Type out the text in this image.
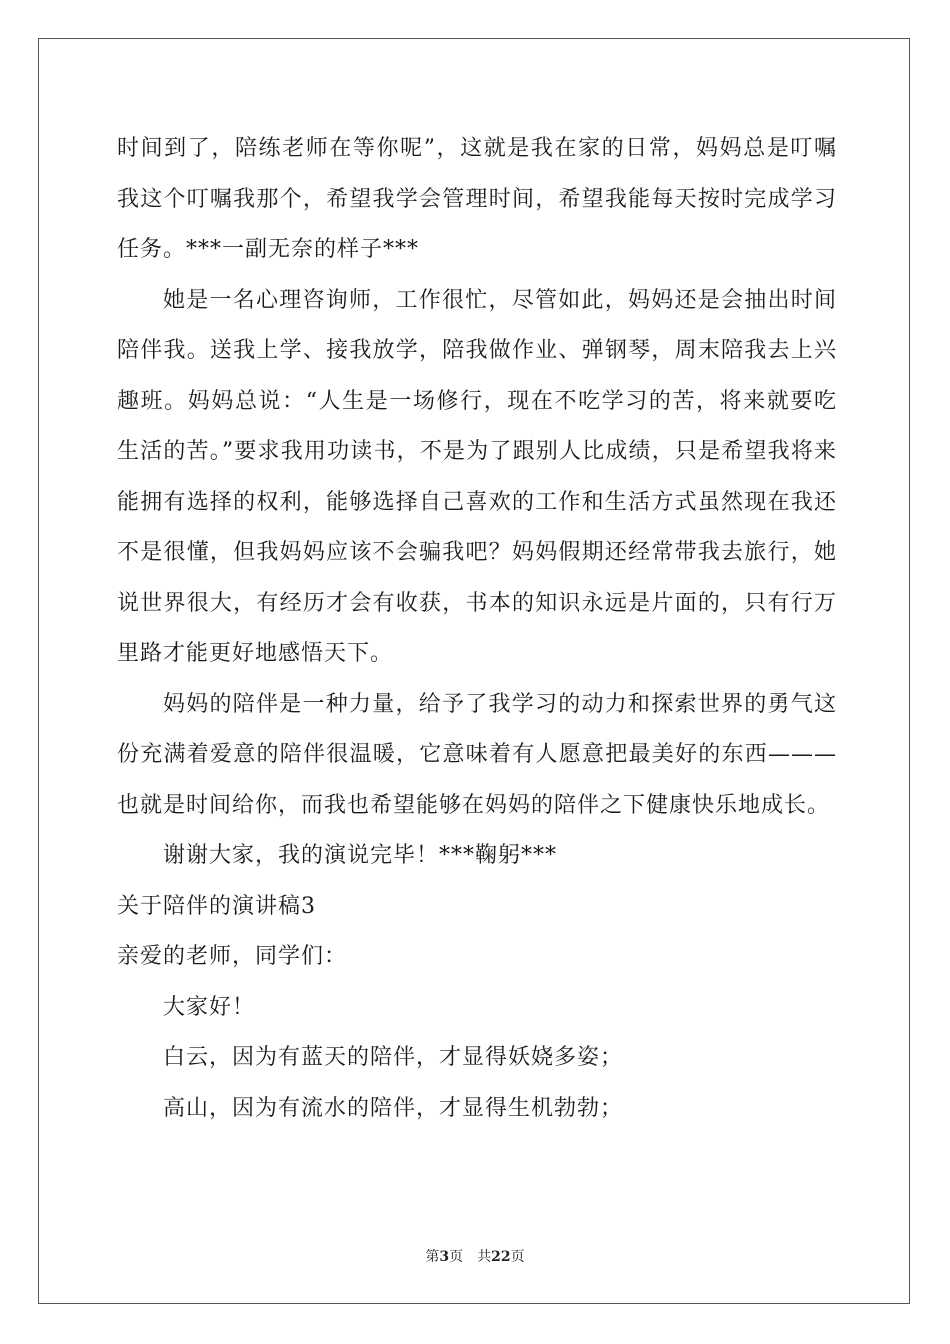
时间到了，陪练老师在等你呢”，这就是我在家的日常，妈妈总是叮嘱我这个叮嘱我那个，希望我学会管理时间，希望我能每天按时完成学习任务。***一副无奈的样子***

她是一名心理咨询师，工作很忙，尽管如此，妈妈还是会抽出时间陪伴我。送我上学、接我放学，陪我做作业、弹钢琴，周末陪我去上兴趣班。妈妈总说：“人生是一场修行，现在不吃学习的苦，将来就要吃生活的苦。”要求我用功读书，不是为了跟别人比成绩，只是希望我将来能拥有选择的权利，能够选择自己喜欢的工作和生活方式虽然现在我还不是很懂，但我妈妈应该不会骗我吧？妈妈假期还经常带我去旅行，她说世界很大，有经历才会有收获，书本的知识永远是片面的，只有行万里路才能更好地感悟天下。

妈妈的陪伴是一种力量，给予了我学习的动力和探索世界的勇气这份充满着爱意的陪伴很温暖，它意味着有人愿意把最美好的东西———也就是时间给你，而我也希望能够在妈妈的陪伴之下健康快乐地成长。

谢谢大家，我的演说完毕！***鞠躬***

关于陪伴的演讲稿3

亲爱的老师，同学们：

大家好！

白云，因为有蓝天的陪伴，才显得妖娆多姿；

高山，因为有流水的陪伴，才显得生机勃勃；

第3页 共22页
